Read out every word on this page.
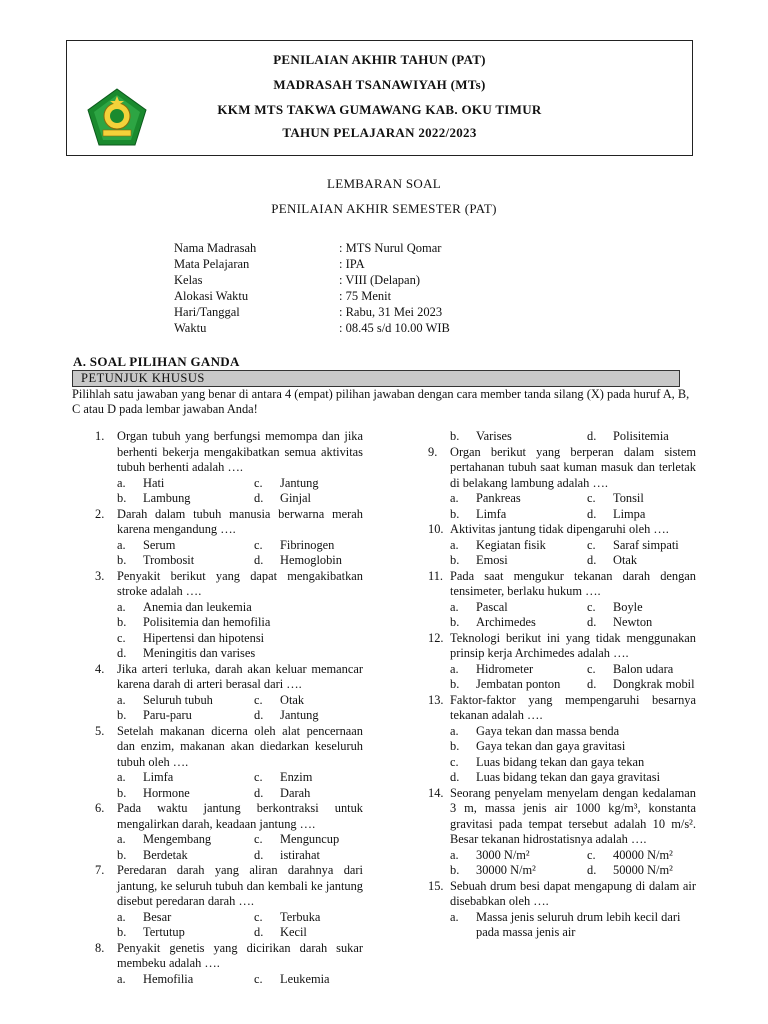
PENILAIAN AKHIR TAHUN (PAT)
MADRASAH TSANAWIYAH (MTs)
KKM MTS TAKWA GUMAWANG KAB. OKU TIMUR
TAHUN PELAJARAN 2022/2023
LEMBARAN SOAL
PENILAIAN AKHIR SEMESTER (PAT)
Nama Madrasah	: MTS Nurul Qomar
Mata Pelajaran	: IPA
Kelas	: VIII (Delapan)
Alokasi Waktu	: 75 Menit
Hari/Tanggal	: Rabu, 31 Mei 2023
Waktu	: 08.45 s/d 10.00 WIB
A. SOAL PILIHAN GANDA
PETUNJUK KHUSUS
Pilihlah satu jawaban yang benar di antara 4 (empat) pilihan jawaban dengan cara member tanda silang (X) pada huruf A, B, C atau D pada lembar jawaban Anda!
1.	Organ tubuh yang berfungsi memompa dan jika berhenti bekerja mengakibatkan semua aktivitas tubuh berhenti adalah ….
a.	Hati	c.	Jantung
b.	Lambung	d.	Ginjal
2.	Darah dalam tubuh manusia berwarna merah karena mengandung ….
a.	Serum	c.	Fibrinogen
b.	Trombosit	d.	Hemoglobin
3.	Penyakit berikut yang dapat mengakibatkan stroke adalah ….
a.	Anemia dan leukemia
b.	Polisitemia dan hemofilia
c.	Hipertensi dan hipotensi
d.	Meningitis dan varises
4.	Jika arteri terluka, darah akan keluar memancar karena darah di arteri berasal dari ….
a.	Seluruh tubuh	c.	Otak
b.	Paru-paru	d.	Jantung
5.	Setelah makanan dicerna oleh alat pencernaan dan enzim, makanan akan diedarkan keseluruh tubuh oleh ….
a.	Limfa	c.	Enzim
b.	Hormone	d.	Darah
6.	Pada waktu jantung berkontraksi untuk mengalirkan darah, keadaan jantung ….
a.	Mengembang	c.	Menguncup
b.	Berdetak	d.	istirahat
7.	Peredaran darah yang aliran darahnya dari jantung, ke seluruh tubuh dan kembali ke jantung disebut peredaran darah ….
a.	Besar	c.	Terbuka
b.	Tertutup	d.	Kecil
8.	Penyakit genetis yang dicirikan darah sukar membeku adalah ….
a.	Hemofilia	c.	Leukemia
b.	Varises	d.	Polisitemia
9.	Organ berikut yang berperan dalam sistem pertahanan tubuh saat kuman masuk dan terletak di belakang lambung adalah ….
a.	Pankreas	c.	Tonsil
b.	Limfa	d.	Limpa
10. Aktivitas jantung tidak dipengaruhi oleh ….
a.	Kegiatan fisik	c.	Saraf simpati
b.	Emosi	d.	Otak
11. Pada saat mengukur tekanan darah dengan tensimeter, berlaku hukum ….
a.	Pascal	c.	Boyle
b.	Archimedes	d.	Newton
12. Teknologi berikut ini yang tidak menggunakan prinsip kerja Archimedes adalah ….
a.	Hidrometer	c.	Balon udara
b.	Jembatan ponton	d.	Dongkrak mobil
13. Faktor-faktor yang mempengaruhi besarnya tekanan adalah ….
a.	Gaya tekan dan massa benda
b.	Gaya tekan dan gaya gravitasi
c.	Luas bidang tekan dan gaya tekan
d.	Luas bidang tekan dan gaya gravitasi
14. Seorang penyelam menyelam dengan kedalaman 3 m, massa jenis air 1000 kg/m³, konstanta gravitasi pada tempat tersebut adalah 10 m/s². Besar tekanan hidrostatisnya adalah ….
a.	3000 N/m²	c.	40000 N/m²
b.	30000 N/m²	d.	50000 N/m²
15. Sebuah drum besi dapat mengapung di dalam air disebabkan oleh ….
a.	Massa jenis seluruh drum lebih kecil dari pada massa jenis air
